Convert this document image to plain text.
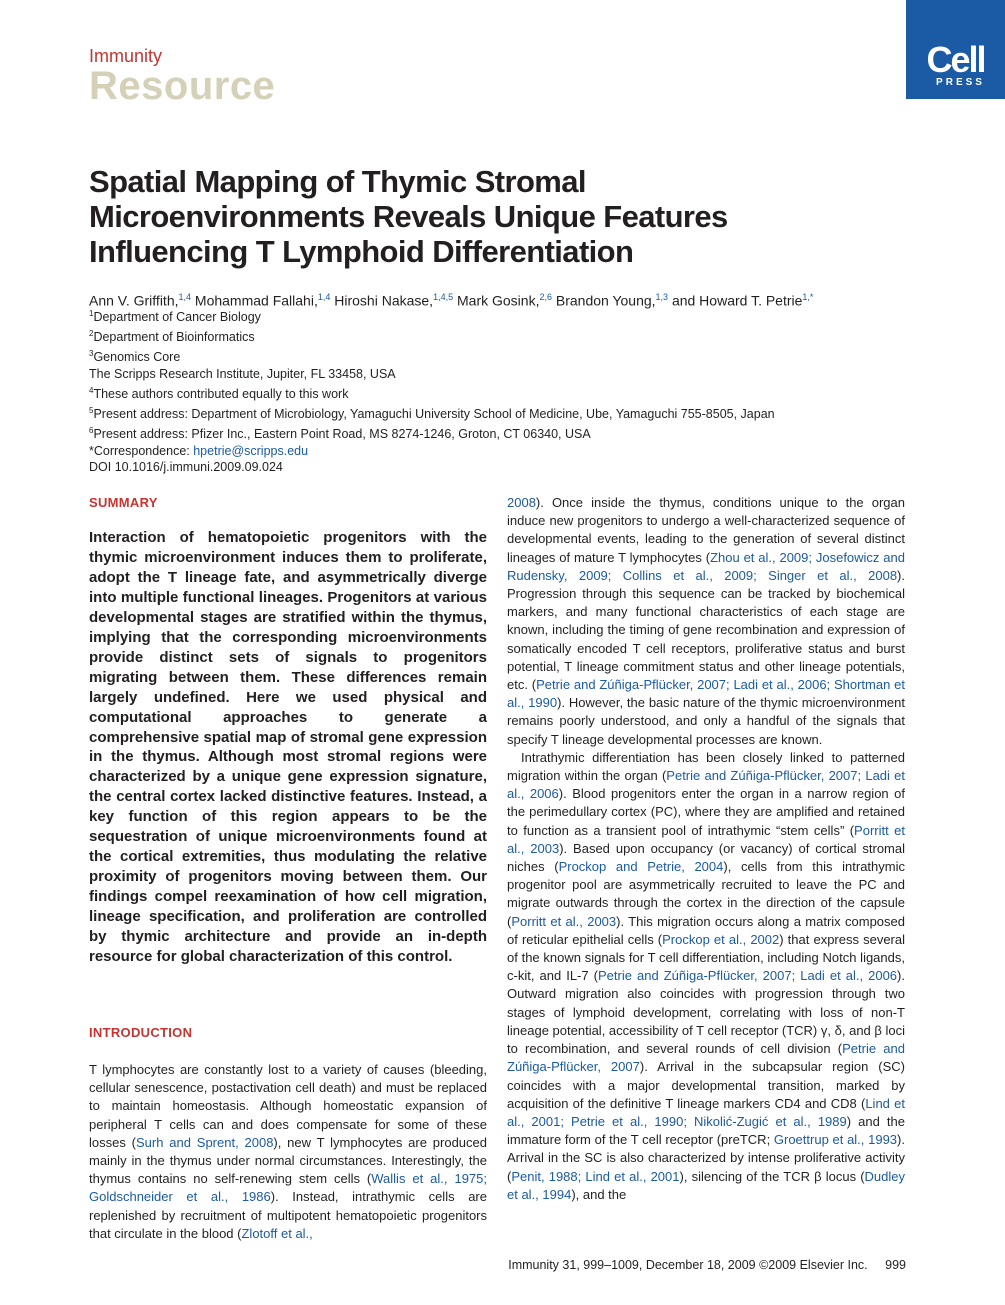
Immunity
Resource
Cell
PRESS
Spatial Mapping of Thymic Stromal Microenvironments Reveals Unique Features Influencing T Lymphoid Differentiation

Ann V. Griffith,$^{1,4}$ Mohammad Fallahi,$^{1,4}$ Hiroshi Nakase,$^{1,4,5}$ Mark Gosink,$^{2,6}$ Brandon Young,$^{1,3}$ and Howard T. Petrie$^{1,*}$

$^1$Department of Cancer Biology
$^2$Department of Bioinformatics
$^3$Genomics Core
The Scripps Research Institute, Jupiter, FL 33458, USA
$^4$These authors contributed equally to this work
$^5$Present address: Department of Microbiology, Yamaguchi University School of Medicine, Ube, Yamaguchi 755-8505, Japan
$^6$Present address: Pfizer Inc., Eastern Point Road, MS 8274-1246, Groton, CT 06340, USA
*Correspondence: hpetrie@scripps.edu
DOI 10.1016/j.immuni.2009.09.024
SUMMARY

Interaction of hematopoietic progenitors with the thymic microenvironment induces them to proliferate, adopt the T lineage fate, and asymmetrically diverge into multiple functional lineages. Progenitors at various developmental stages are stratified within the thymus, implying that the corresponding microenvironments provide distinct sets of signals to progenitors migrating between them. These differences remain largely undefined. Here we used physical and computational approaches to generate a comprehensive spatial map of stromal gene expression in the thymus. Although most stromal regions were characterized by a unique gene expression signature, the central cortex lacked distinctive features. Instead, a key function of this region appears to be the sequestration of unique microenvironments found at the cortical extremities, thus modulating the relative proximity of progenitors moving between them. Our findings compel reexamination of how cell migration, lineage specification, and proliferation are controlled by thymic architecture and provide an in-depth resource for global characterization of this control.

INTRODUCTION

T lymphocytes are constantly lost to a variety of causes (bleeding, cellular senescence, postactivation cell death) and must be replaced to maintain homeostasis. Although homeostatic expansion of peripheral T cells can and does compensate for some of these losses (Surh and Sprent, 2008), new T lymphocytes are produced mainly in the thymus under normal circumstances. Interestingly, the thymus contains no self-renewing stem cells (Wallis et al., 1975; Goldschneider et al., 1986). Instead, intrathymic cells are replenished by recruitment of multipotent hematopoietic progenitors that circulate in the blood (Zlotoff et al.,

2008). Once inside the thymus, conditions unique to the organ induce new progenitors to undergo a well-characterized sequence of developmental events, leading to the generation of several distinct lineages of mature T lymphocytes (Zhou et al., 2009; Josefowicz and Rudensky, 2009; Collins et al., 2009; Singer et al., 2008). Progression through this sequence can be tracked by biochemical markers, and many functional characteristics of each stage are known, including the timing of gene recombination and expression of somatically encoded T cell receptors, proliferative status and burst potential, T lineage commitment status and other lineage potentials, etc. (Petrie and Zúñiga-Pflücker, 2007; Ladi et al., 2006; Shortman et al., 1990). However, the basic nature of the thymic microenvironment remains poorly understood, and only a handful of the signals that specify T lineage developmental processes are known.

Intrathymic differentiation has been closely linked to patterned migration within the organ (Petrie and Zúñiga-Pflücker, 2007; Ladi et al., 2006). Blood progenitors enter the organ in a narrow region of the perimedullary cortex (PC), where they are amplified and retained to function as a transient pool of intrathymic “stem cells” (Porritt et al., 2003). Based upon occupancy (or vacancy) of cortical stromal niches (Prockop and Petrie, 2004), cells from this intrathymic progenitor pool are asymmetrically recruited to leave the PC and migrate outwards through the cortex in the direction of the capsule (Porritt et al., 2003). This migration occurs along a matrix composed of reticular epithelial cells (Prockop et al., 2002) that express several of the known signals for T cell differentiation, including Notch ligands, c-kit, and IL-7 (Petrie and Zúñiga-Pflücker, 2007; Ladi et al., 2006). Outward migration also coincides with progression through two stages of lymphoid development, correlating with loss of non-T lineage potential, accessibility of T cell receptor (TCR) γ, δ, and β loci to recombination, and several rounds of cell division (Petrie and Zúñiga-Pflücker, 2007). Arrival in the subcapsular region (SC) coincides with a major developmental transition, marked by acquisition of the definitive T lineage markers CD4 and CD8 (Lind et al., 2001; Petrie et al., 1990; Nikolić-Zugić et al., 1989) and the immature form of the T cell receptor (preTCR; Groettrup et al., 1993). Arrival in the SC is also characterized by intense proliferative activity (Penit, 1988; Lind et al., 2001), silencing of the TCR β locus (Dudley et al., 1994), and the

Immunity 31, 999–1009, December 18, 2009 ©2009 Elsevier Inc. 999
